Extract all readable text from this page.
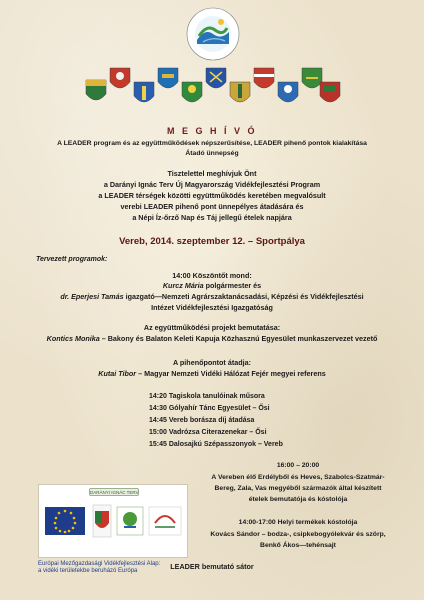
M E G H Í V Ó
A LEADER program és az együttműködések népszerűsítése, LEADER pihenő pontok kialakítása
Átadó ünnepség
Tisztelettel meghívjuk Önt
a Darányi Ignác Terv Új Magyarország Vidékfejlesztési Program
a LEADER térségek közötti együttműködés keretében megvalósult
verebi LEADER pihenő pont ünnepélyes átadására és
a Népi Íz-őrző Nap és Táj jellegű ételek napjára
Vereb, 2014. szeptember 12. – Sportpálya
Tervezett programok:
14:00 Köszöntőt mond:
Kurcz Mária polgármester és
dr. Eperjesi Tamás igazgató—Nemzeti Agrárszaktanácsadási, Képzési és Vidékfejlesztési
Intézet Vidékfejlesztési Igazgatóság
Az együttműködési projekt bemutatása:
Kontics Monika – Bakony és Balaton Keleti Kapuja Közhasznú Egyesület munkaszervezet vezető
A pihenőpontot átadja:
Kutai Tibor – Magyar Nemzeti Vidéki Hálózat Fejér megyei referens
14:20 Tagiskola tanulóinak műsora
14:30 Gólyahír Tánc Egyesület – Ősi
14:45 Vereb borásza díj átadása
15:00 Vadrózsa Citerazenekar – Ősi
15:45 Dalosajkú Szépasszonyok – Vereb
16:00 – 20:00
A Vereben élő Erdélyből és Heves, Szabolcs-Szatmár-
Bereg, Zala, Vas megyéből származók által készített
ételek bemutatója és kóstolója
14:00-17:00 Helyi termékek kóstolója
Kovács Sándor – bodza-, csipkebogyólekvár és szörp,
Benkő Ákos—tehénsajt
LEADER bemutató sátor
DARÁNYI IGNÁC TERV
Európai Mezőgazdasági Vidékfejlesztési Alap:
a vidéki területekbe beruházó Európa
